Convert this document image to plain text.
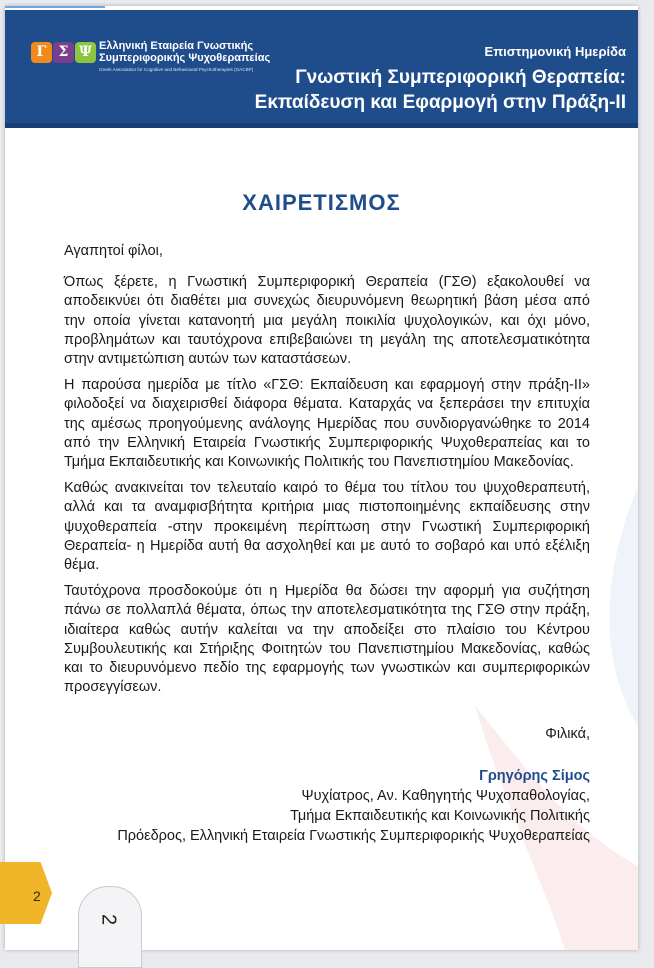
Γ Σ Ψ Ελληνική Εταιρεία Γνωστικής
Συμπεριφορικής Ψυχοθεραπείας
Greek Association for Cognitive and Behavioural Psychotherapies (GACBP)
Επιστημονική Ημερίδα
Γνωστική Συμπεριφορική Θεραπεία:
Εκπαίδευση και Εφαρμογή στην Πράξη-ΙΙ
ΧΑΙΡΕΤΙΣΜΟΣ

Αγαπητοί φίλοι,

Όπως ξέρετε, η Γνωστική Συμπεριφορική Θεραπεία (ΓΣΘ) εξακολουθεί να αποδεικνύει ότι διαθέτει μια συνεχώς διευρυνόμενη θεωρητική βάση μέσα από την οποία γίνεται κατανοητή μια μεγάλη ποικιλία ψυχολογικών, και όχι μόνο, προβλημάτων και ταυτόχρονα επιβεβαιώνει τη μεγάλη της αποτελεσματικότητα στην αντιμετώπιση αυτών των καταστάσεων.

Η παρούσα ημερίδα με τίτλο «ΓΣΘ: Εκπαίδευση και εφαρμογή στην πράξη-ΙΙ» φιλοδοξεί να διαχειρισθεί διάφορα θέματα. Καταρχάς να ξεπεράσει την επιτυχία της αμέσως προηγούμενης ανάλογης Ημερίδας που συνδιοργανώθηκε το 2014 από την Ελληνική Εταιρεία Γνωστικής Συμπεριφορικής Ψυχοθεραπείας και το Τμήμα Εκπαιδευτικής και Κοινωνικής Πολιτικής του Πανεπιστημίου Μακεδονίας.

Καθώς ανακινείται τον τελευταίο καιρό το θέμα του τίτλου του ψυχοθεραπευτή, αλλά και τα αναμφισβήτητα κριτήρια μιας πιστοποιημένης εκπαίδευσης στην ψυχοθεραπεία -στην προκειμένη περίπτωση στην Γνωστική Συμπεριφορική Θεραπεία- η Ημερίδα αυτή θα ασχοληθεί και με αυτό το σοβαρό και υπό εξέλιξη θέμα.

Ταυτόχρονα προσδοκούμε ότι η Ημερίδα θα δώσει την αφορμή για συζήτηση πάνω σε πολλαπλά θέματα, όπως την αποτελεσματικότητα της ΓΣΘ στην πράξη, ιδιαίτερα καθώς αυτήν καλείται να την αποδείξει στο πλαίσιο του Κέντρου Συμβουλευτικής και Στήριξης Φοιτητών του Πανεπιστημίου Μακεδονίας, καθώς και το διευρυνόμενο πεδίο της εφαρμογής των γνωστικών και συμπεριφορικών προσεγγίσεων.

Φιλικά,
Γρηγόρης Σίμος
Ψυχίατρος, Αν. Καθηγητής Ψυχοπαθολογίας,
Τμήμα Εκπαιδευτικής και Κοινωνικής Πολιτικής
Πρόεδρος, Ελληνική Εταιρεία Γνωστικής Συμπεριφορικής Ψυχοθεραπείας
2
2
